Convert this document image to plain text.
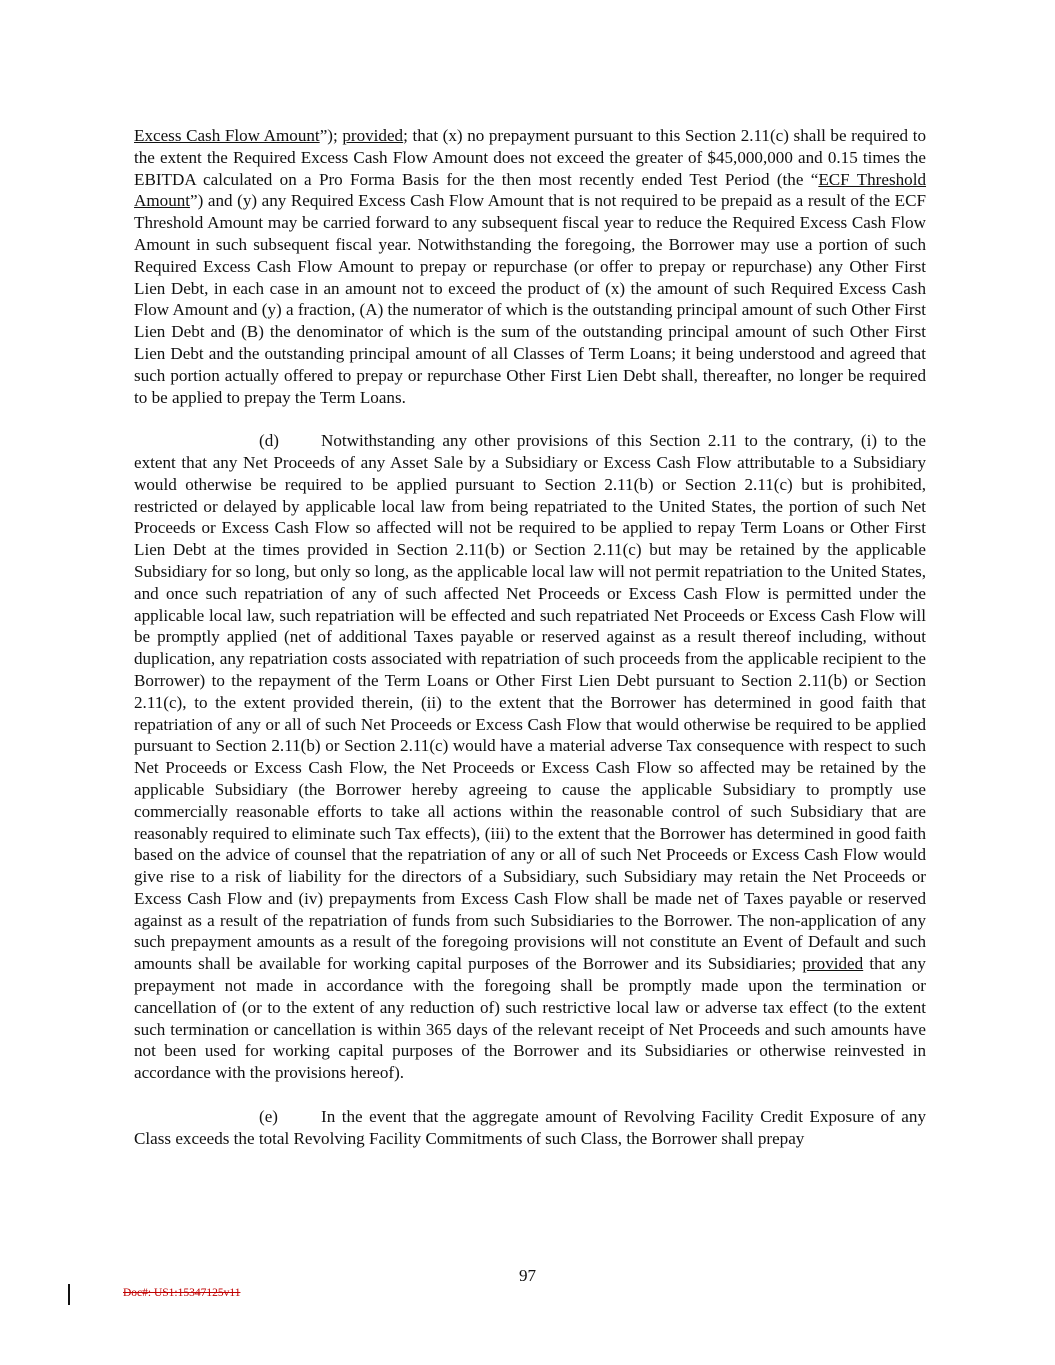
Excess Cash Flow Amount”); provided; that (x) no prepayment pursuant to this Section 2.11(c) shall be required to the extent the Required Excess Cash Flow Amount does not exceed the greater of $45,000,000 and 0.15 times the EBITDA calculated on a Pro Forma Basis for the then most recently ended Test Period (the “ECF Threshold Amount”) and (y) any Required Excess Cash Flow Amount that is not required to be prepaid as a result of the ECF Threshold Amount may be carried forward to any subsequent fiscal year to reduce the Required Excess Cash Flow Amount in such subsequent fiscal year. Notwithstanding the foregoing, the Borrower may use a portion of such Required Excess Cash Flow Amount to prepay or repurchase (or offer to prepay or repurchase) any Other First Lien Debt, in each case in an amount not to exceed the product of (x) the amount of such Required Excess Cash Flow Amount and (y) a fraction, (A) the numerator of which is the outstanding principal amount of such Other First Lien Debt and (B) the denominator of which is the sum of the outstanding principal amount of such Other First Lien Debt and the outstanding principal amount of all Classes of Term Loans; it being understood and agreed that such portion actually offered to prepay or repurchase Other First Lien Debt shall, thereafter, no longer be required to be applied to prepay the Term Loans.

(d) Notwithstanding any other provisions of this Section 2.11 to the contrary, (i) to the extent that any Net Proceeds of any Asset Sale by a Subsidiary or Excess Cash Flow attributable to a Subsidiary would otherwise be required to be applied pursuant to Section 2.11(b) or Section 2.11(c) but is prohibited, restricted or delayed by applicable local law from being repatriated to the United States, the portion of such Net Proceeds or Excess Cash Flow so affected will not be required to be applied to repay Term Loans or Other First Lien Debt at the times provided in Section 2.11(b) or Section 2.11(c) but may be retained by the applicable Subsidiary for so long, but only so long, as the applicable local law will not permit repatriation to the United States, and once such repatriation of any of such affected Net Proceeds or Excess Cash Flow is permitted under the applicable local law, such repatriation will be effected and such repatriated Net Proceeds or Excess Cash Flow will be promptly applied (net of additional Taxes payable or reserved against as a result thereof including, without duplication, any repatriation costs associated with repatriation of such proceeds from the applicable recipient to the Borrower) to the repayment of the Term Loans or Other First Lien Debt pursuant to Section 2.11(b) or Section 2.11(c), to the extent provided therein, (ii) to the extent that the Borrower has determined in good faith that repatriation of any or all of such Net Proceeds or Excess Cash Flow that would otherwise be required to be applied pursuant to Section 2.11(b) or Section 2.11(c) would have a material adverse Tax consequence with respect to such Net Proceeds or Excess Cash Flow, the Net Proceeds or Excess Cash Flow so affected may be retained by the applicable Subsidiary (the Borrower hereby agreeing to cause the applicable Subsidiary to promptly use commercially reasonable efforts to take all actions within the reasonable control of such Subsidiary that are reasonably required to eliminate such Tax effects), (iii) to the extent that the Borrower has determined in good faith based on the advice of counsel that the repatriation of any or all of such Net Proceeds or Excess Cash Flow would give rise to a risk of liability for the directors of a Subsidiary, such Subsidiary may retain the Net Proceeds or Excess Cash Flow and (iv) prepayments from Excess Cash Flow shall be made net of Taxes payable or reserved against as a result of the repatriation of funds from such Subsidiaries to the Borrower. The non-application of any such prepayment amounts as a result of the foregoing provisions will not constitute an Event of Default and such amounts shall be available for working capital purposes of the Borrower and its Subsidiaries; provided that any prepayment not made in accordance with the foregoing shall be promptly made upon the termination or cancellation of (or to the extent of any reduction of) such restrictive local law or adverse tax effect (to the extent such termination or cancellation is within 365 days of the relevant receipt of Net Proceeds and such amounts have not been used for working capital purposes of the Borrower and its Subsidiaries or otherwise reinvested in accordance with the provisions hereof).

(e)	In the event that the aggregate amount of Revolving Facility Credit Exposure of any Class exceeds the total Revolving Facility Commitments of such Class, the Borrower shall prepay

97
Doc#: US1:15347125v11
